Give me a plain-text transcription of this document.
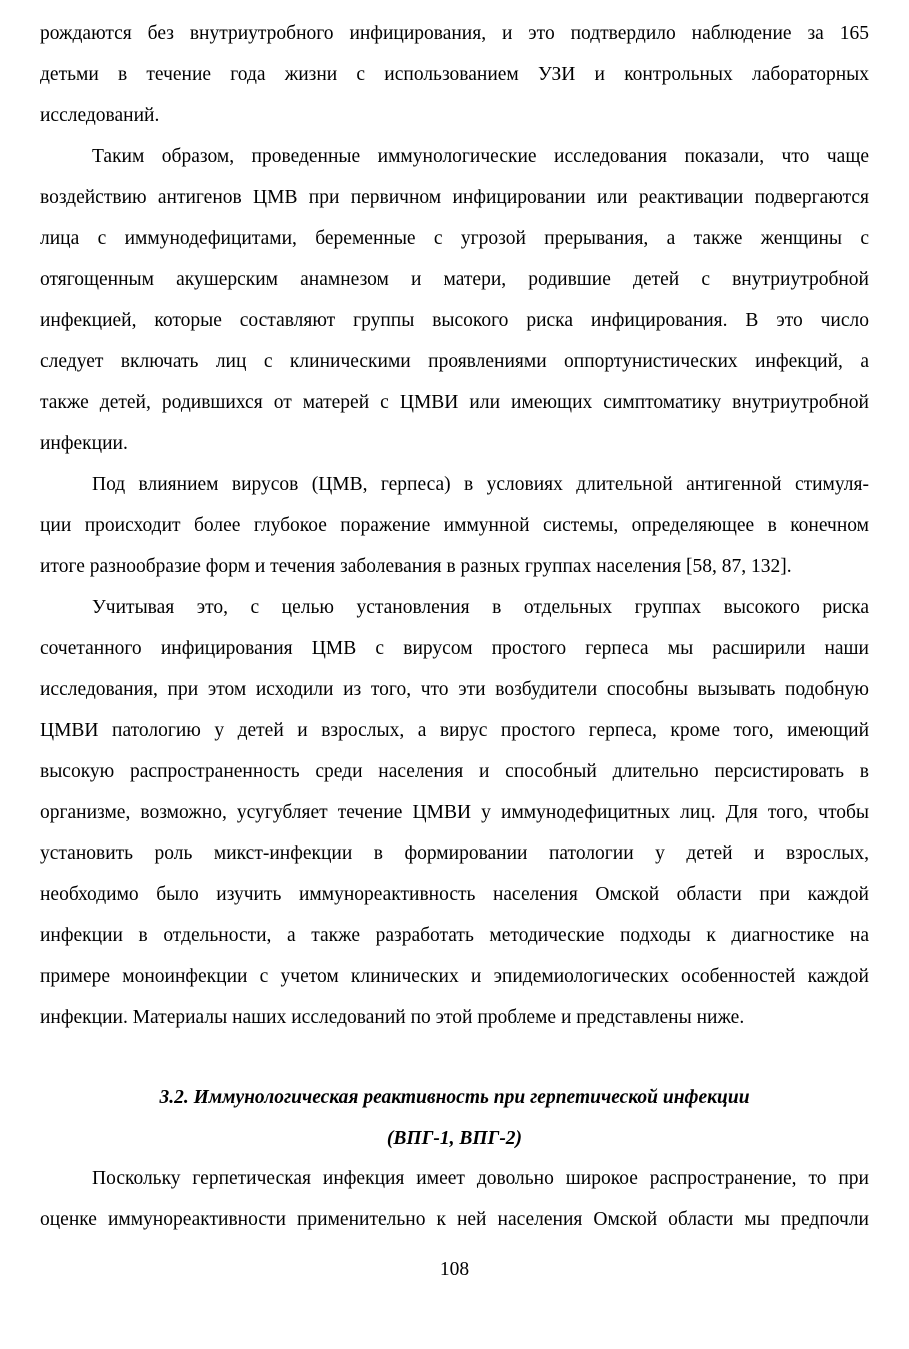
рождаются без внутриутробного инфицирования, и это подтвердило наблюдение за 165
детьми в течение года жизни с использованием УЗИ и контрольных лабораторных
исследований.
Таким образом, проведенные иммунологические исследования показали, что чаще
воздействию антигенов ЦМВ при первичном инфицировании или реактивации подвергаются
лица с иммунодефицитами, беременные с угрозой прерывания, а также женщины с
отягощенным акушерским анамнезом и матери, родившие детей с внутриутробной
инфекцией, которые составляют группы высокого риска инфицирования. В это число
следует включать лиц с клиническими проявлениями оппортунистических инфекций, а
также детей, родившихся от матерей с ЦМВИ или имеющих симптоматику внутриутробной
инфекции.
Под влиянием вирусов (ЦМВ, герпеса) в условиях длительной антигенной стимуля-
ции происходит более глубокое поражение иммунной системы, определяющее в конечном
итоге разнообразие форм и течения заболевания в разных группах населения [58, 87, 132].
Учитывая это, с целью установления в отдельных группах высокого риска
сочетанного инфицирования ЦМВ с вирусом простого герпеса мы расширили наши
исследования, при этом исходили из того, что эти возбудители способны вызывать подобную
ЦМВИ патологию у детей и взрослых, а вирус простого герпеса, кроме того, имеющий
высокую распространенность среди населения и способный длительно персистировать в
организме, возможно, усугубляет течение ЦМВИ у иммунодефицитных лиц. Для того, чтобы
установить роль микст-инфекции в формировании патологии у детей и взрослых,
необходимо было изучить иммунореактивность населения Омской области при каждой
инфекции в отдельности, а также разработать методические подходы к диагностике на
примере моноинфекции с учетом клинических и эпидемиологических особенностей каждой
инфекции. Материалы наших исследований по этой проблеме и представлены ниже.
3.2. Иммунологическая реактивность при герпетической инфекции
(ВПГ-1, ВПГ-2)
Поскольку герпетическая инфекция имеет довольно широкое распространение, то при
оценке иммунореактивности применительно к ней населения Омской области мы предпочли
108
